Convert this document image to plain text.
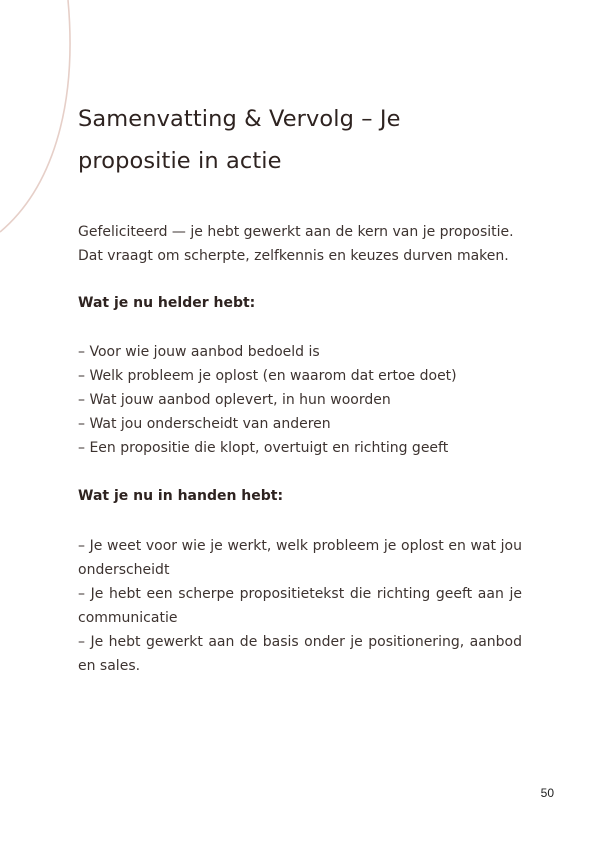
Samenvatting & Vervolg – Je propositie in actie

Gefeliciteerd — je hebt gewerkt aan de kern van je propositie.
Dat vraagt om scherpte, zelfkennis en keuzes durven maken.

Wat je nu helder hebt:

– Voor wie jouw aanbod bedoeld is
– Welk probleem je oplost (en waarom dat ertoe doet)
– Wat jouw aanbod oplevert, in hun woorden
– Wat jou onderscheidt van anderen
– Een propositie die klopt, overtuigt en richting geeft

Wat je nu in handen hebt:

– Je weet voor wie je werkt, welk probleem je oplost en wat jou onderscheidt
– Je hebt een scherpe propositietekst die richting geeft aan je communicatie
– Je hebt gewerkt aan de basis onder je positionering, aanbod en sales.
50
